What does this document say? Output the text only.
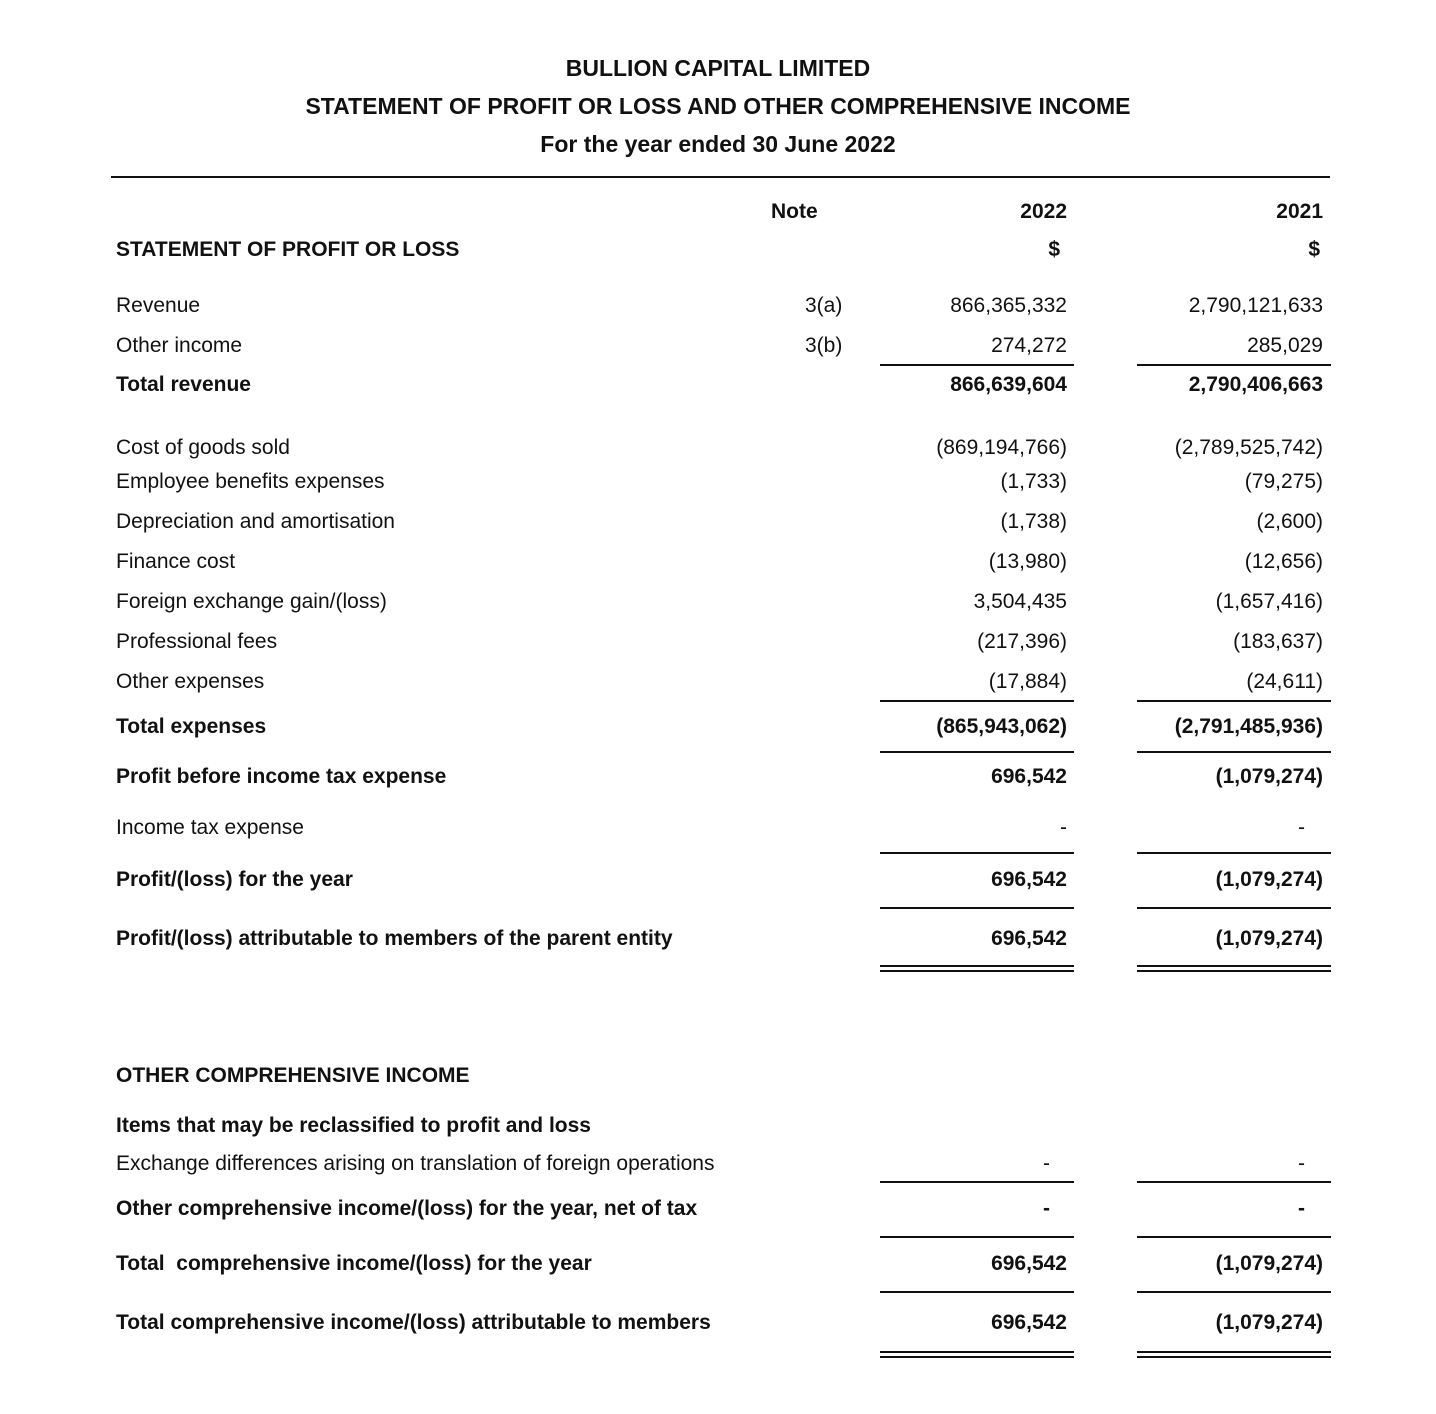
BULLION CAPITAL LIMITED
STATEMENT OF PROFIT OR LOSS AND OTHER COMPREHENSIVE INCOME
For the year ended 30 June 2022
Note	2022	2021
$	$
STATEMENT OF PROFIT OR LOSS
Revenue	3(a)	866,365,332	2,790,121,633
Other income	3(b)	274,272	285,029
Total revenue	866,639,604	2,790,406,663
Cost of goods sold	(869,194,766)	(2,789,525,742)
Employee benefits expenses	(1,733)	(79,275)
Depreciation and amortisation	(1,738)	(2,600)
Finance cost	(13,980)	(12,656)
Foreign exchange gain/(loss)	3,504,435	(1,657,416)
Professional fees	(217,396)	(183,637)
Other expenses	(17,884)	(24,611)
Total expenses	(865,943,062)	(2,791,485,936)
Profit before income tax expense	696,542	(1,079,274)
Income tax expense	-	-
Profit/(loss) for the year	696,542	(1,079,274)
Profit/(loss) attributable to members of the parent entity	696,542	(1,079,274)
OTHER COMPREHENSIVE INCOME
Items that may be reclassified to profit and loss
Exchange differences arising on translation of foreign operations	-	-
Other comprehensive income/(loss) for the year, net of tax	-	-
Total  comprehensive income/(loss) for the year	696,542	(1,079,274)
Total comprehensive income/(loss) attributable to members	696,542	(1,079,274)
